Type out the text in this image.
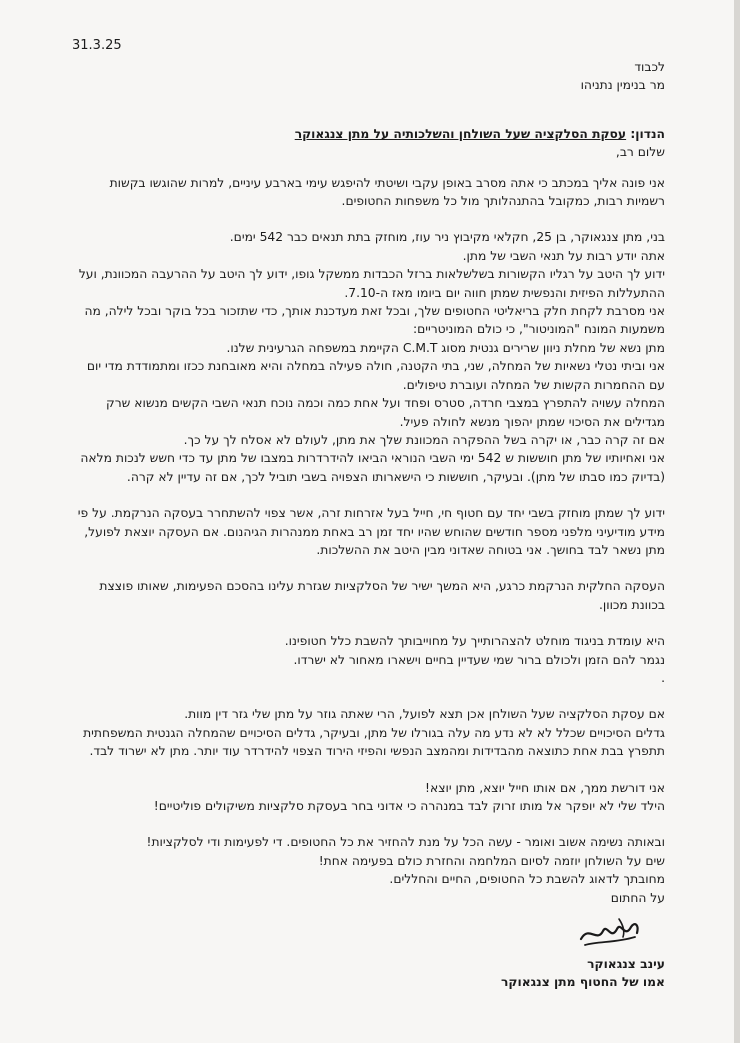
31.3.25

לכבוד

מר בנימין נתניהו

הנדון: עסקת הסלקציה שעל השולחן והשלכותיה על מתן צנגאוקר

שלום רב,

אני פונה אליך במכתב כי אתה מסרב באופן עקבי ושיטתי להיפגש עימי בארבע עיניים, למרות שהוגשו בקשות

רשמיות רבות, כמקובל בהתנהלותך מול כל משפחות החטופים.

בני, מתן צנגאוקר, בן 25, חקלאי מקיבוץ ניר עוז, מוחזק בתת תנאים כבר 542 ימים.

אתה יודע רבות על תנאי השבי של מתן.

ידוע לך היטב על רגליו הקשורות בשלשלאות ברזל הכבדות ממשקל גופו, ידוע לך היטב על ההרעבה המכוונת, ועל

ההתעללות הפיזית והנפשית שמתן חווה יום ביומו מאז ה-7.10.

אני מסרבת לקחת חלק בריאליטי החטופים שלך, ובכל זאת מעדכנת אותך, כדי שתזכור בכל בוקר ובכל לילה, מה

משמעות המונח "המוניטור", כי כולם המוניטריים:

מתן נשא של מחלת ניוון שרירים גנטית מסוג C.M.T הקיימת במשפחה הגרעינית שלנו.

אני וביתי נטלי נשאיות של המחלה, שני, בתי הקטנה, חולה פעילה במחלה והיא מאובחנת ככזו ומתמודדת מדי יום

עם ההחמרות הקשות של המחלה ועוברת טיפולים.

המחלה עשויה להתפרץ במצבי חרדה, סטרס ופחד ועל אחת כמה וכמה נוכח תנאי השבי הקשים מנשוא שרק

מגדילים את הסיכוי שמתן יהפוך מנשא לחולה פעיל.

אם זה קרה כבר, או יקרה בשל ההפקרה המכוונת שלך את מתן, לעולם לא אסלח לך על כך.

אני ואחיותיו של מתן חוששות ש 542 ימי השבי הנוראי הביאו להידרדרות במצבו של מתן עד כדי חשש לנכות מלאה

(בדיוק כמו סבתו של מתן). ובעיקר, חוששות כי הישארותו הצפויה בשבי תוביל לכך, אם זה עדיין לא קרה.

ידוע לך שמתן מוחזק בשבי יחד עם חטוף חי, חייל בעל אזרחות זרה, אשר צפוי להשתחרר בעסקה הנרקמת. על פי

מידע מודיעיני מלפני מספר חודשים שהוחש שהיו יחד זמן רב באחת ממנהרות הגיהנום. אם העסקה יוצאת לפועל,

מתן נשאר לבד בחושך. אני בטוחה שאדוני מבין היטב את ההשלכות.

העסקה החלקית הנרקמת כרגע, היא המשך ישיר של הסלקציות שגזרת עלינו בהסכם הפעימות, שאותו פוצצת

בכוונת מכוון.

היא עומדת בניגוד מוחלט להצהרותייך על מחוייבותך להשבת כלל חטופינו.

נגמר להם הזמן ולכולם ברור שמי שעדיין בחיים וישארו מאחור לא ישרדו.

.

אם עסקת הסלקציה שעל השולחן אכן תצא לפועל, הרי שאתה גוזר על מתן שלי גזר דין מוות.

גדלים הסיכויים שכלל לא לא נדע מה עלה בגורלו של מתן, ובעיקר, גדלים הסיכויים שהמחלה הגנטית המשפחתית

תתפרץ בבת אחת כתוצאה מהבדידות ומהמצב הנפשי והפיזי הירוד הצפוי להידרדר עוד יותר. מתן לא ישרוד לבד.

אני דורשת ממך, אם אותו חייל יוצא, מתן יוצא!

הילד שלי לא יופקר אל מותו זרוק לבד במנהרה כי אדוני בחר בעסקת סלקציות משיקולים פוליטיים!

ובאותה נשימה אשוב ואומר - עשה הכל על מנת להחזיר את כל החטופים. די לפעימות ודי לסלקציות!

שים על השולחן יוזמה לסיום המלחמה והחזרת כולם בפעימה אחת!

מחובתך לדאוג להשבת כל החטופים, החיים והחללים.

על החתום

עינב צנגאוקר

אמו של החטוף מתן צנגאוקר
